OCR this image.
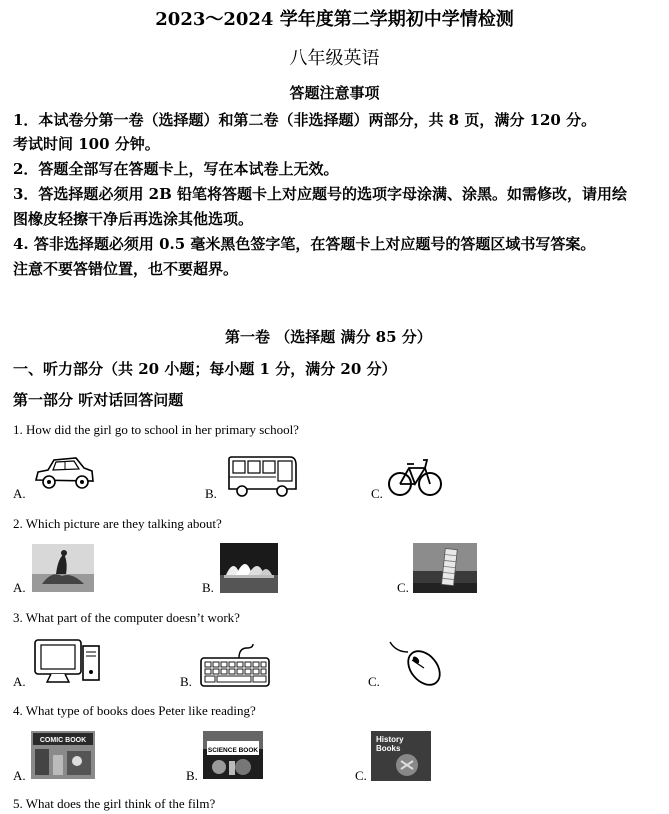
2023～2024 学年度第二学期初中学情检测
八年级英语
答题注意事项
1．本试卷分第一卷（选择题）和第二卷（非选择题）两部分，共 8 页，满分 120 分。
考试时间 100 分钟。
2．答题全部写在答题卡上，写在本试卷上无效。
3．答选择题必须用 2B 铅笔将答题卡上对应题号的选项字母涂满、涂黑。如需修改，请用绘
图橡皮轻擦干净后再选涂其他选项。
4. 答非选择题必须用 0.5 毫米黑色签字笔，在答题卡上对应题号的答题区域书写答案。
注意不要答错位置，也不要超界。
第一卷 （选择题 满分 85 分）
一、听力部分（共 20 小题；每小题 1 分，满分 20 分）
第一部分 听对话回答问题
1. How did the girl go to school in her primary school?
A.	B.	C.
2. Which picture are they talking about?
A.	B.	C.
3. What part of the computer doesn’t work?
A.	B.	C.
4. What type of books does Peter like reading?
A.
COMIC BOOK
B.
SCIENCE BOOK
C.
History
Books
5. What does the girl think of the film?
